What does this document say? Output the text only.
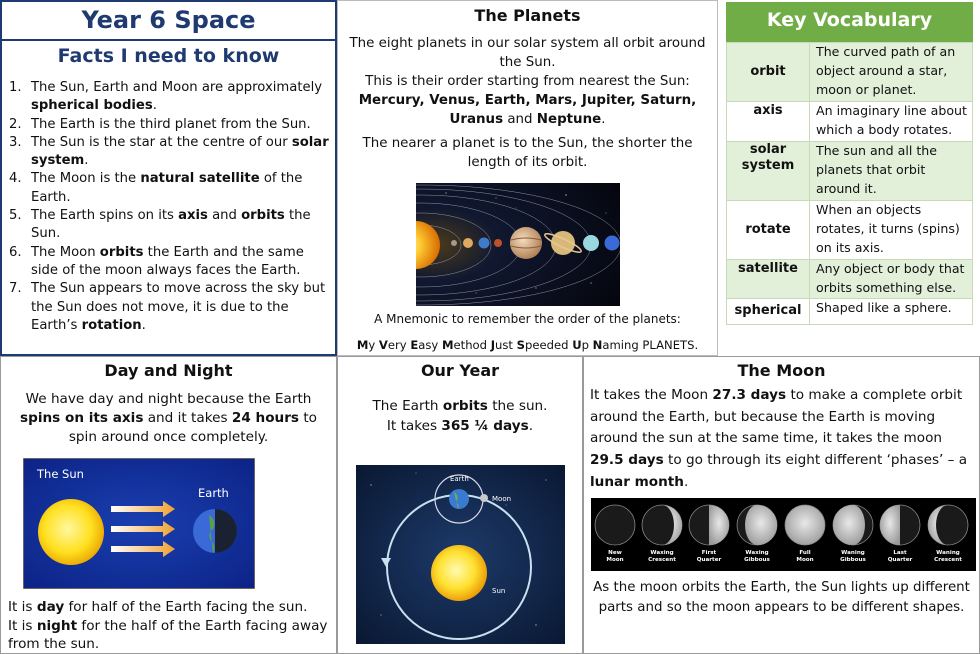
Year 6 Space
Facts I need to know
1. The Sun, Earth and Moon are approximately spherical bodies.
2. The Earth is the third planet from the Sun.
3. The Sun is the star at the centre of our solar system.
4. The Moon is the natural satellite of the Earth.
5. The Earth spins on its axis and orbits the Sun.
6. The Moon orbits the Earth and the same side of the moon always faces the Earth.
7. The Sun appears to move across the sky but the Sun does not move, it is due to the Earth’s rotation.
The Planets

The eight planets in our solar system all orbit around the Sun.
This is their order starting from nearest the Sun:
Mercury, Venus, Earth, Mars, Jupiter, Saturn, Uranus and Neptune.

The nearer a planet is to the Sun, the shorter the length of its orbit.

A Mnemonic to remember the order of the planets:
My Very Easy Method Just Speeded Up Naming PLANETS.
Key Vocabulary
orbit	The curved path of an object around a star, moon or planet.
axis	An imaginary line about which a body rotates.
solar system	The sun and all the planets that orbit around it.
rotate	When an objects rotates, it turns (spins) on its axis.
satellite	Any object or body that orbits something else.
spherical	Shaped like a sphere.
Day and Night

We have day and night because the Earth spins on its axis and it takes 24 hours to spin around once completely.

The Sun
Earth
It is day for half of the Earth facing the sun.
It is night for the half of the Earth facing away from the sun.
Our Year

The Earth orbits the sun.
It takes 365 ¼ days.

Earth
Moon
Sun
The Moon

It takes the Moon 27.3 days to make a complete orbit around the Earth, but because the Earth is moving around the sun at the same time, it takes the moon 29.5 days to go through its eight different ‘phases’ – a lunar month.

New
Moon
Waxing
Crescent
First
Quarter
Waxing
Gibbous
Full
Moon
Waning
Gibbous
Last
Quarter
Waning
Crescent
As the moon orbits the Earth, the Sun lights up different parts and so the moon appears to be different shapes.
